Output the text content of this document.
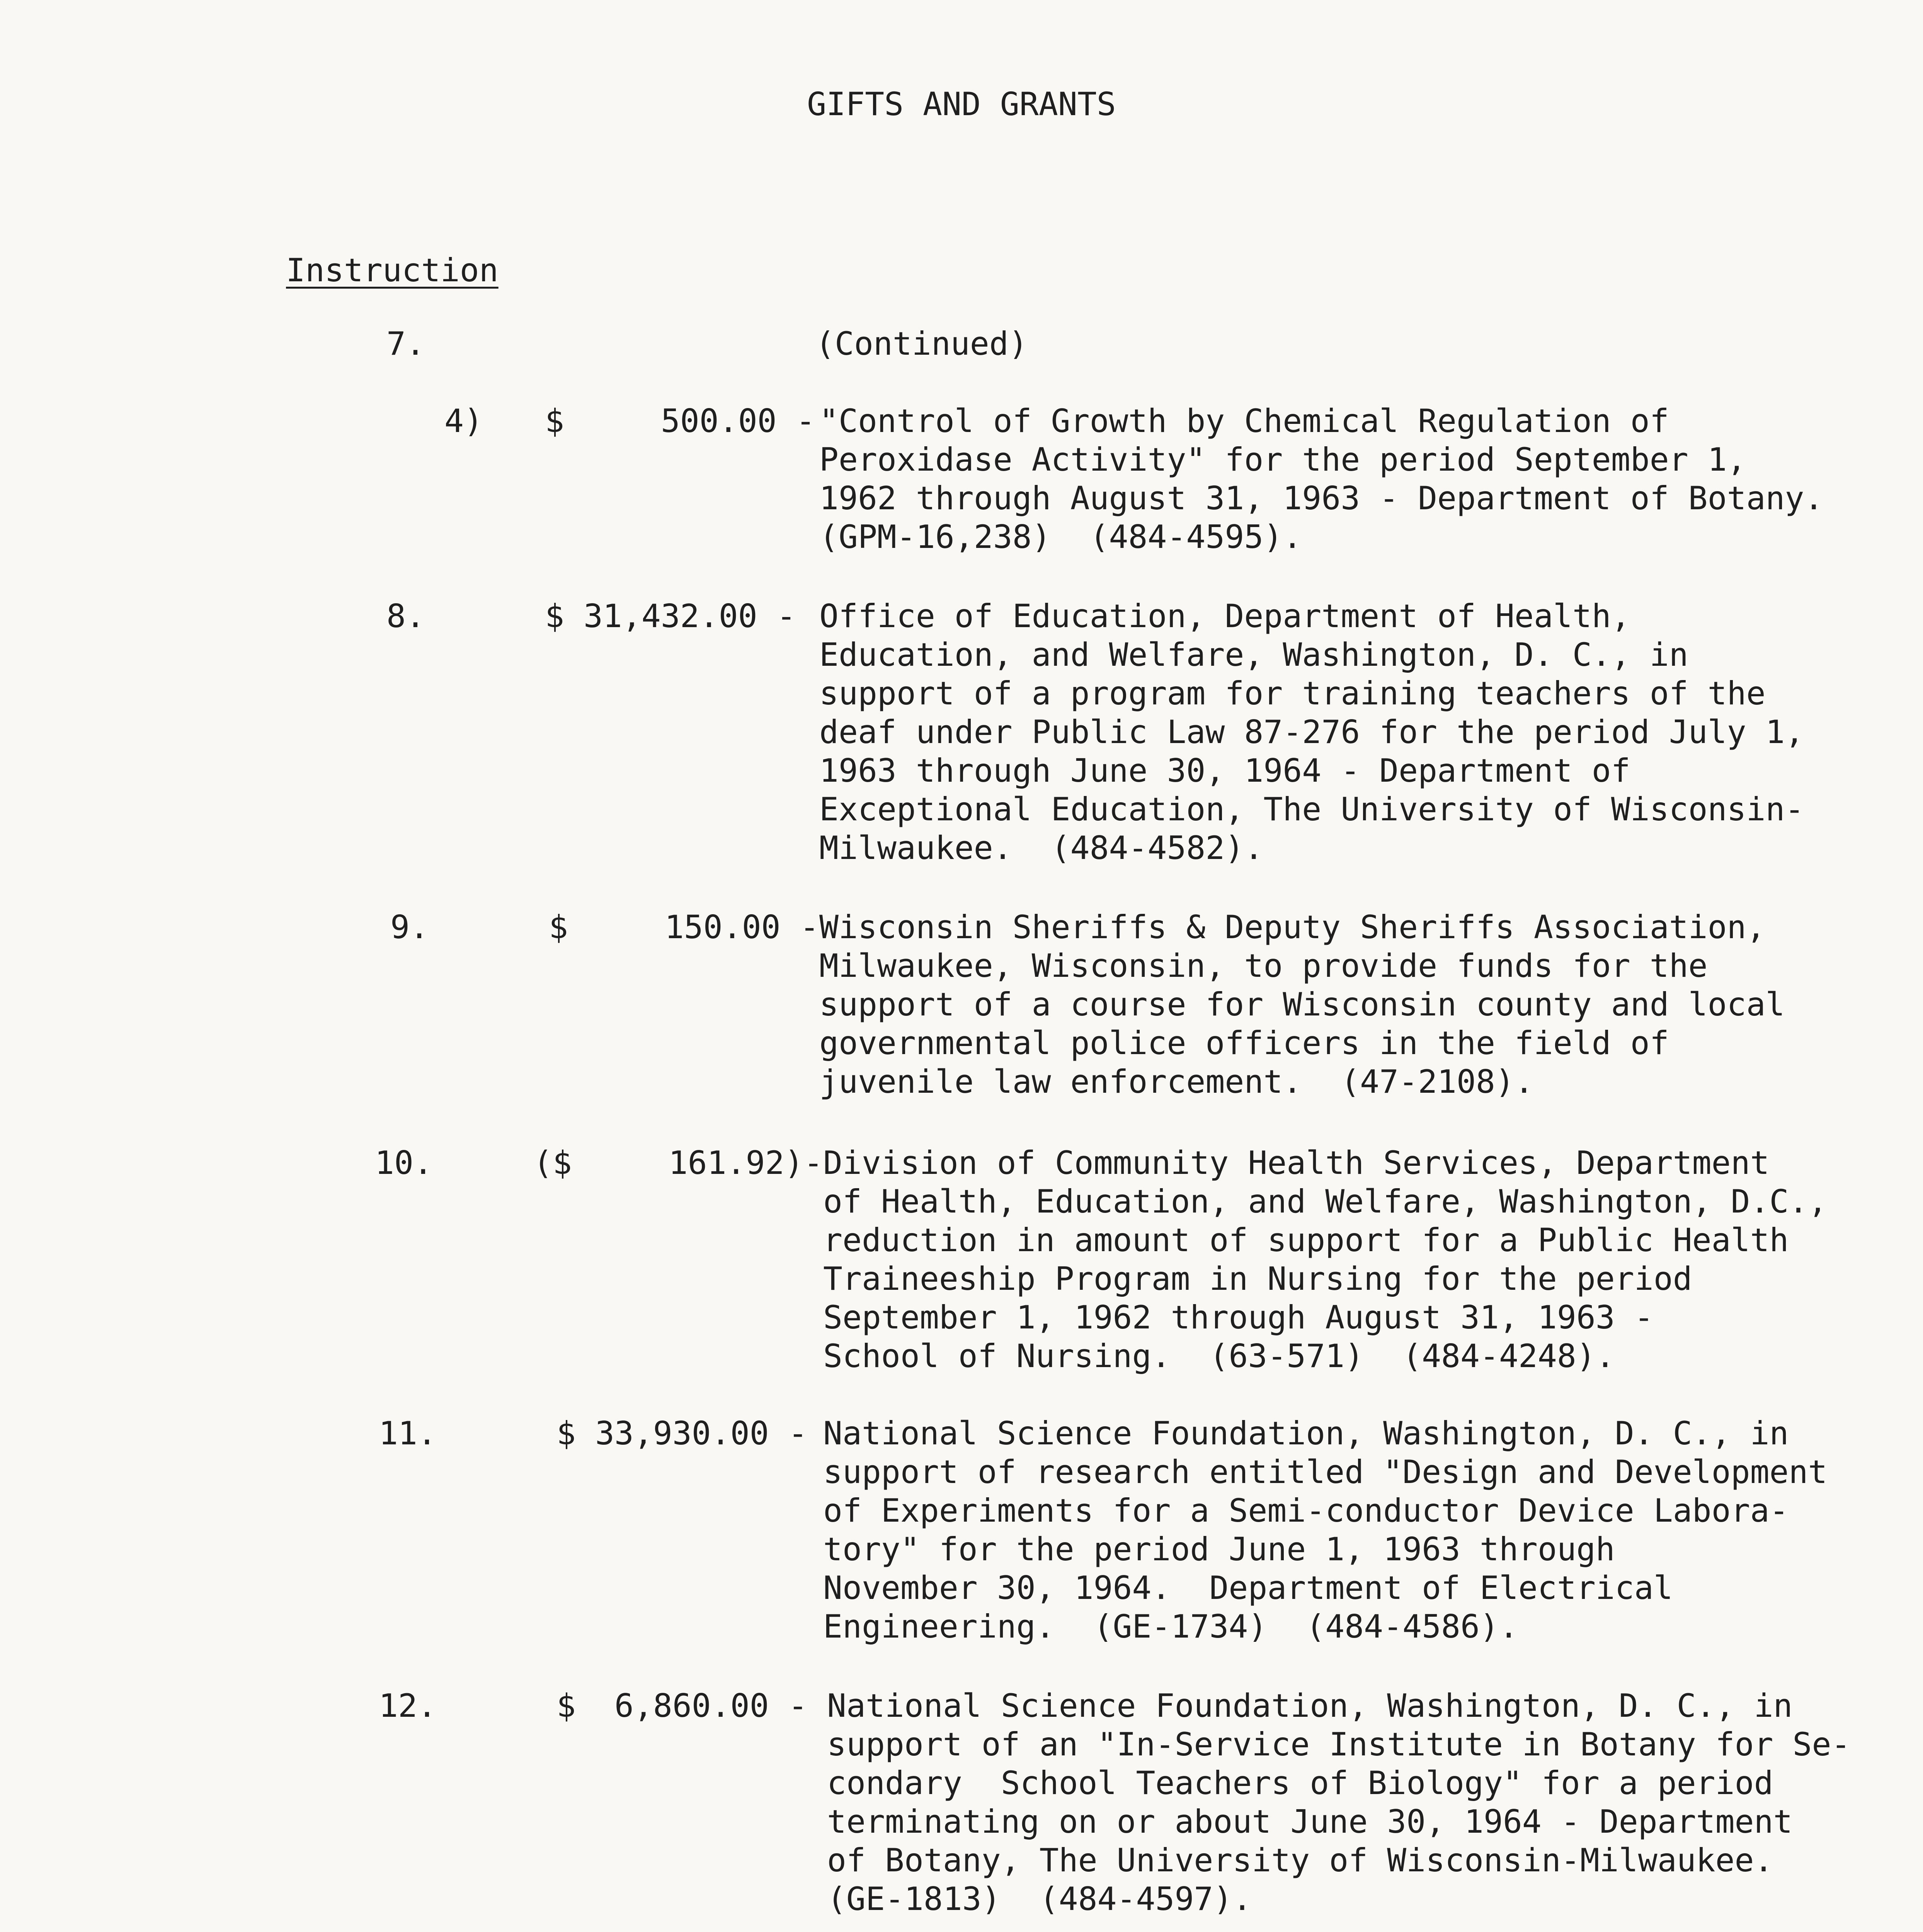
GIFTS AND GRANTS
Instruction
7.	(Continued)
4) $     500.00 - "Control of Growth by Chemical Regulation of
Peroxidase Activity" for the period September 1,
1962 through August 31, 1963 - Department of Botany.
(GPM-16,238)  (484-4595).
8.	$ 31,432.00 - Office of Education, Department of Health,
Education, and Welfare, Washington, D. C., in
support of a program for training teachers of the
deaf under Public Law 87-276 for the period July 1,
1963 through June 30, 1964 - Department of
Exceptional Education, The University of Wisconsin-
Milwaukee.  (484-4582).
9.	$     150.00 - Wisconsin Sheriffs & Deputy Sheriffs Association,
Milwaukee, Wisconsin, to provide funds for the
support of a course for Wisconsin county and local
governmental police officers in the field of
juvenile law enforcement.  (47-2108).
10.	($     161.92)- Division of Community Health Services, Department
of Health, Education, and Welfare, Washington, D.C.,
reduction in amount of support for a Public Health
Traineeship Program in Nursing for the period
September 1, 1962 through August 31, 1963 -
School of Nursing.  (63-571)  (484-4248).
11.	$ 33,930.00 - National Science Foundation, Washington, D. C., in
support of research entitled "Design and Development
of Experiments for a Semi-conductor Device Labora-
tory" for the period June 1, 1963 through
November 30, 1964.  Department of Electrical
Engineering.  (GE-1734)  (484-4586).
12.	$  6,860.00 - National Science Foundation, Washington, D. C., in
support of an "In-Service Institute in Botany for Se-
condary  School Teachers of Biology" for a period
terminating on or about June 30, 1964 - Department
of Botany, The University of Wisconsin-Milwaukee.
(GE-1813)  (484-4597).
